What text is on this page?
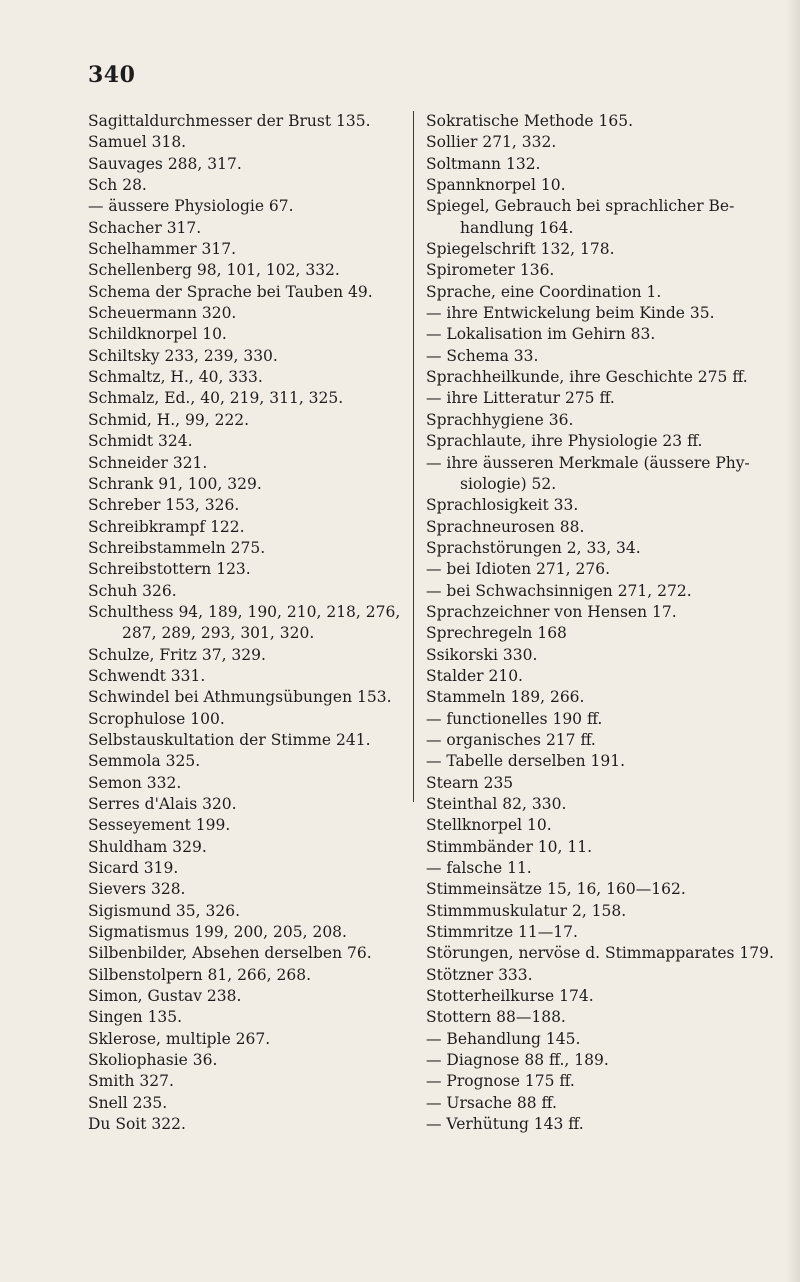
340
Sagittaldurchmesser der Brust 135.
Samuel 318.
Sauvages 288, 317.
Sch 28.
— äussere Physiologie 67.
Schacher 317.
Schelhammer 317.
Schellenberg 98, 101, 102, 332.
Schema der Sprache bei Tauben 49.
Scheuermann 320.
Schildknorpel 10.
Schiltsky 233, 239, 330.
Schmaltz, H., 40, 333.
Schmalz, Ed., 40, 219, 311, 325.
Schmid, H., 99, 222.
Schmidt 324.
Schneider 321.
Schrank 91, 100, 329.
Schreber 153, 326.
Schreibkrampf 122.
Schreibstammeln 275.
Schreibstottern 123.
Schuh 326.
Schulthess 94, 189, 190, 210, 218, 276,
287, 289, 293, 301, 320.
Schulze, Fritz 37, 329.
Schwendt 331.
Schwindel bei Athmungsübungen 153.
Scrophulose 100.
Selbstauskultation der Stimme 241.
Semmola 325.
Semon 332.
Serres d'Alais 320.
Sesseyement 199.
Shuldham 329.
Sicard 319.
Sievers 328.
Sigismund 35, 326.
Sigmatismus 199, 200, 205, 208.
Silbenbilder, Absehen derselben 76.
Silbenstolpern 81, 266, 268.
Simon, Gustav 238.
Singen 135.
Sklerose, multiple 267.
Skoliophasie 36.
Smith 327.
Snell 235.
Du Soit 322.
Sokratische Methode 165.
Sollier 271, 332.
Soltmann 132.
Spannknorpel 10.
Spiegel, Gebrauch bei sprachlicher Be-
handlung 164.
Spiegelschrift 132, 178.
Spirometer 136.
Sprache, eine Coordination 1.
— ihre Entwickelung beim Kinde 35.
— Lokalisation im Gehirn 83.
— Schema 33.
Sprachheilkunde, ihre Geschichte 275 ff.
— ihre Litteratur 275 ff.
Sprachhygiene 36.
Sprachlaute, ihre Physiologie 23 ff.
— ihre äusseren Merkmale (äussere Phy-
siologie) 52.
Sprachlosigkeit 33.
Sprachneurosen 88.
Sprachstörungen 2, 33, 34.
— bei Idioten 271, 276.
— bei Schwachsinnigen 271, 272.
Sprachzeichner von Hensen 17.
Sprechregeln 168
Ssikorski 330.
Stalder 210.
Stammeln 189, 266.
— functionelles 190 ff.
— organisches 217 ff.
— Tabelle derselben 191.
Stearn 235
Steinthal 82, 330.
Stellknorpel 10.
Stimmbänder 10, 11.
— falsche 11.
Stimmeinsätze 15, 16, 160—162.
Stimmmuskulatur 2, 158.
Stimmritze 11—17.
Störungen, nervöse d. Stimmapparates 179.
Stötzner 333.
Stotterheilkurse 174.
Stottern 88—188.
— Behandlung 145.
— Diagnose 88 ff., 189.
— Prognose 175 ff.
— Ursache 88 ff.
— Verhütung 143 ff.
